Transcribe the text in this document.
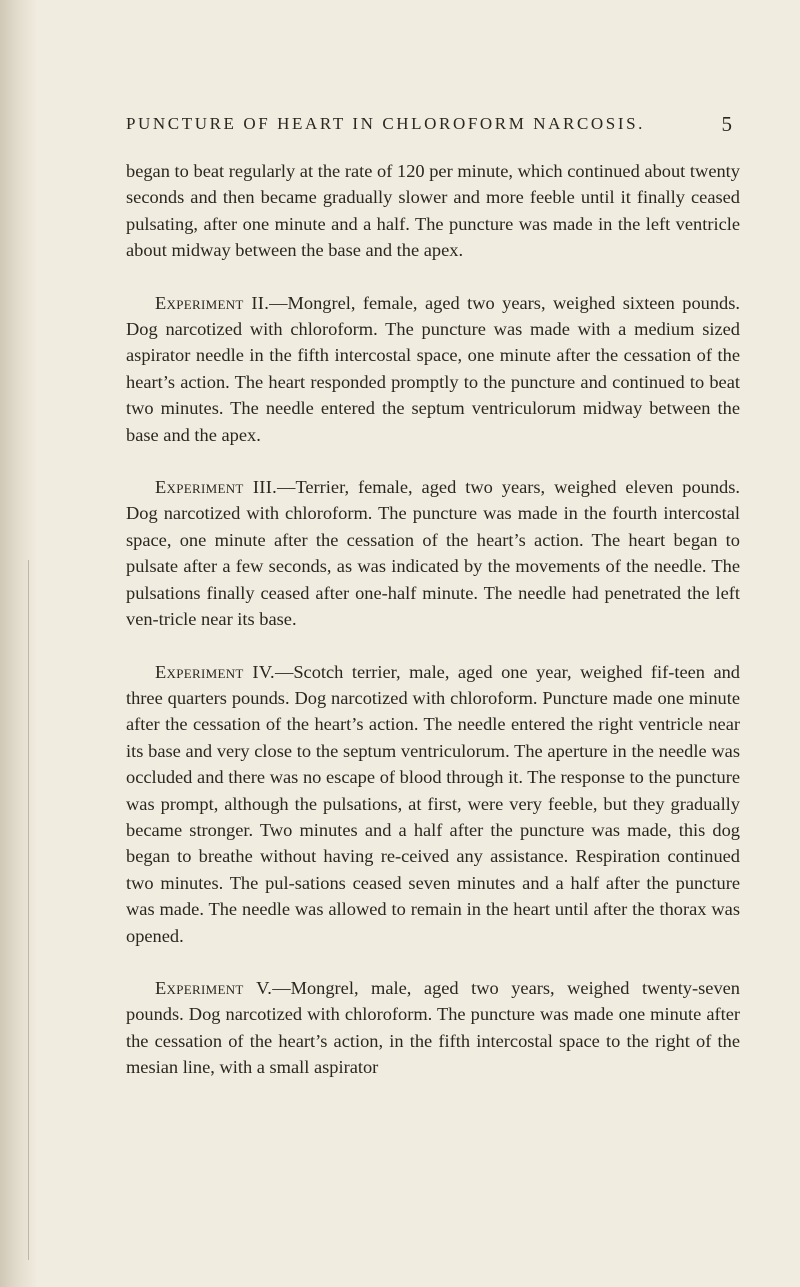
PUNCTURE OF HEART IN CHLOROFORM NARCOSIS.	5

began to beat regularly at the rate of 120 per minute, which continued about twenty seconds and then became gradually slower and more feeble until it finally ceased pulsating, after one minute and a half. The puncture was made in the left ventricle about midway between the base and the apex.

Experiment II.—Mongrel, female, aged two years, weighed sixteen pounds. Dog narcotized with chloroform. The puncture was made with a medium sized aspirator needle in the fifth intercostal space, one minute after the cessation of the heart’s action. The heart responded promptly to the puncture and continued to beat two minutes. The needle entered the septum ventriculorum midway between the base and the apex.

Experiment III.—Terrier, female, aged two years, weighed eleven pounds. Dog narcotized with chloroform. The puncture was made in the fourth intercostal space, one minute after the cessation of the heart’s action. The heart began to pulsate after a few seconds, as was indicated by the movements of the needle. The pulsations finally ceased after one-half minute. The needle had penetrated the left ven-tricle near its base.

Experiment IV.—Scotch terrier, male, aged one year, weighed fif-teen and three quarters pounds. Dog narcotized with chloroform. Puncture made one minute after the cessation of the heart’s action. The needle entered the right ventricle near its base and very close to the septum ventriculorum. The aperture in the needle was occluded and there was no escape of blood through it. The response to the puncture was prompt, although the pulsations, at first, were very feeble, but they gradually became stronger. Two minutes and a half after the puncture was made, this dog began to breathe without having re-ceived any assistance. Respiration continued two minutes. The pul-sations ceased seven minutes and a half after the puncture was made. The needle was allowed to remain in the heart until after the thorax was opened.

Experiment V.—Mongrel, male, aged two years, weighed twenty-seven pounds. Dog narcotized with chloroform. The puncture was made one minute after the cessation of the heart’s action, in the fifth intercostal space to the right of the mesian line, with a small aspirator
